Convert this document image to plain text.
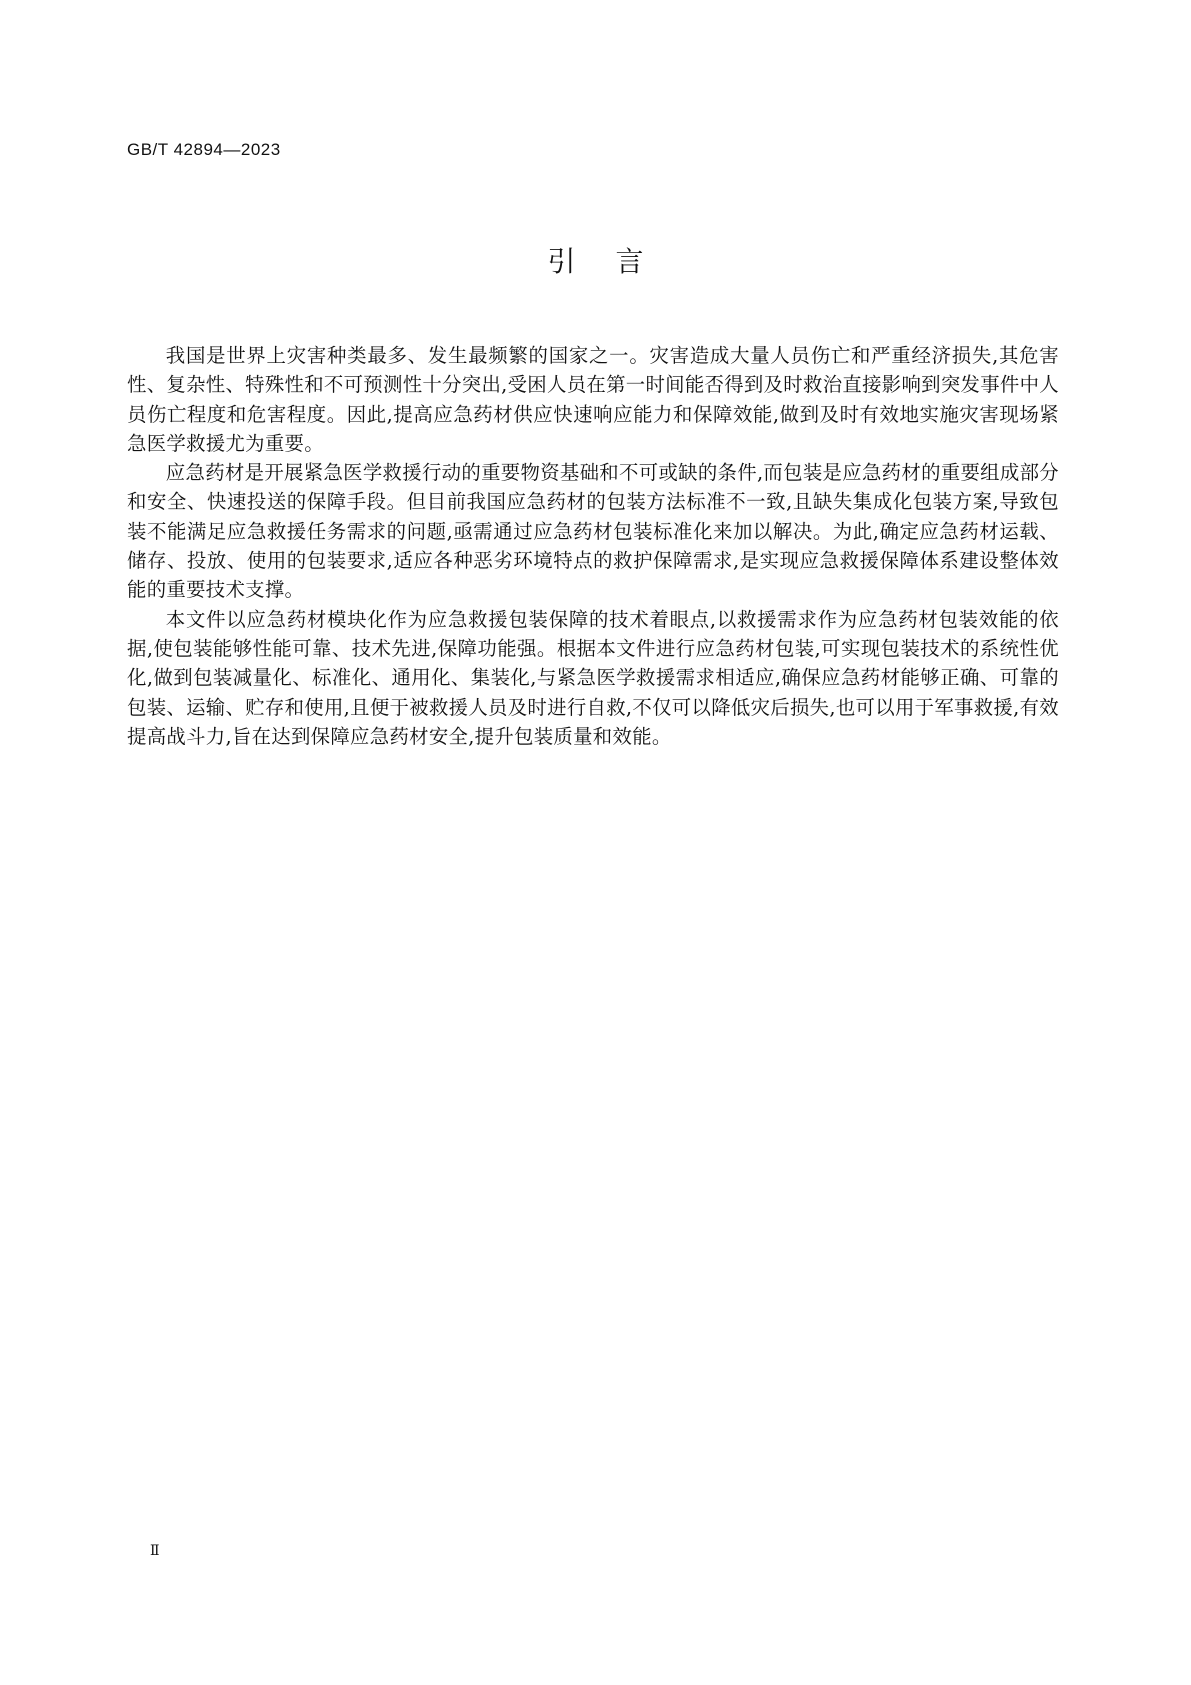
GB/T 42894—2023
引言

我国是世界上灾害种类最多、发生最频繁的国家之一。灾害造成大量人员伤亡和严重经济损失,其危害性、复杂性、特殊性和不可预测性十分突出,受困人员在第一时间能否得到及时救治直接影响到突发事件中人员伤亡程度和危害程度。因此,提高应急药材供应快速响应能力和保障效能,做到及时有效地实施灾害现场紧急医学救援尤为重要。

应急药材是开展紧急医学救援行动的重要物资基础和不可或缺的条件,而包装是应急药材的重要组成部分和安全、快速投送的保障手段。但目前我国应急药材的包装方法标准不一致,且缺失集成化包装方案,导致包装不能满足应急救援任务需求的问题,亟需通过应急药材包装标准化来加以解决。为此,确定应急药材运载、储存、投放、使用的包装要求,适应各种恶劣环境特点的救护保障需求,是实现应急救援保障体系建设整体效能的重要技术支撑。

本文件以应急药材模块化作为应急救援包装保障的技术着眼点,以救援需求作为应急药材包装效能的依据,使包装能够性能可靠、技术先进,保障功能强。根据本文件进行应急药材包装,可实现包装技术的系统性优化,做到包装减量化、标准化、通用化、集装化,与紧急医学救援需求相适应,确保应急药材能够正确、可靠的包装、运输、贮存和使用,且便于被救援人员及时进行自救,不仅可以降低灾后损失,也可以用于军事救援,有效提高战斗力,旨在达到保障应急药材安全,提升包装质量和效能。

Ⅱ
